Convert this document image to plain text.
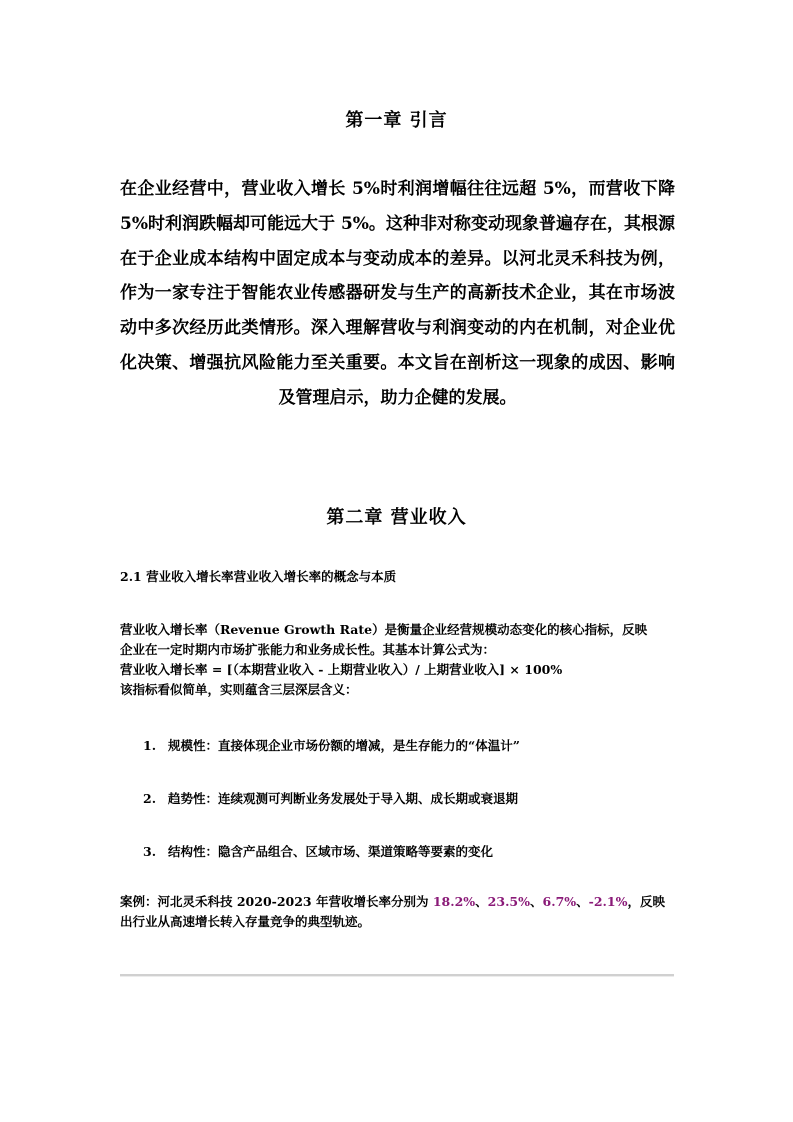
第一章 引言

在企业经营中，营业收入增长 5%时利润增幅往往远超 5%，而营收下降 5%时利润跌幅却可能远大于 5%。这种非对称变动现象普遍存在，其根源在于企业成本结构中固定成本与变动成本的差异。以河北灵禾科技为例，作为一家专注于智能农业传感器研发与生产的高新技术企业，其在市场波动中多次经历此类情形。深入理解营收与利润变动的内在机制，对企业优化决策、增强抗风险能力至关重要。本文旨在剖析这一现象的成因、影响及管理启示，助力企健的发展。

第二章 营业收入
2.1 营业收入增长率营业收入增长率的概念与本质
营业收入增长率（Revenue Growth Rate）是衡量企业经营规模动态变化的核心指标，反映
企业在一定时期内市场扩张能力和业务成长性。其基本计算公式为：
营业收入增长率 = [（本期营业收入 - 上期营业收入）/ 上期营业收入] × 100%
该指标看似简单，实则蕴含三层深层含义：
1. 规模性：直接体现企业市场份额的增减，是生存能力的“体温计”
2. 趋势性：连续观测可判断业务发展处于导入期、成长期或衰退期
3. 结构性：隐含产品组合、区域市场、渠道策略等要素的变化
案例：河北灵禾科技 2020-2023 年营收增长率分别为 18.2%、23.5%、6.7%、-2.1%，反映出行业从高速增长转入存量竞争的典型轨迹。
